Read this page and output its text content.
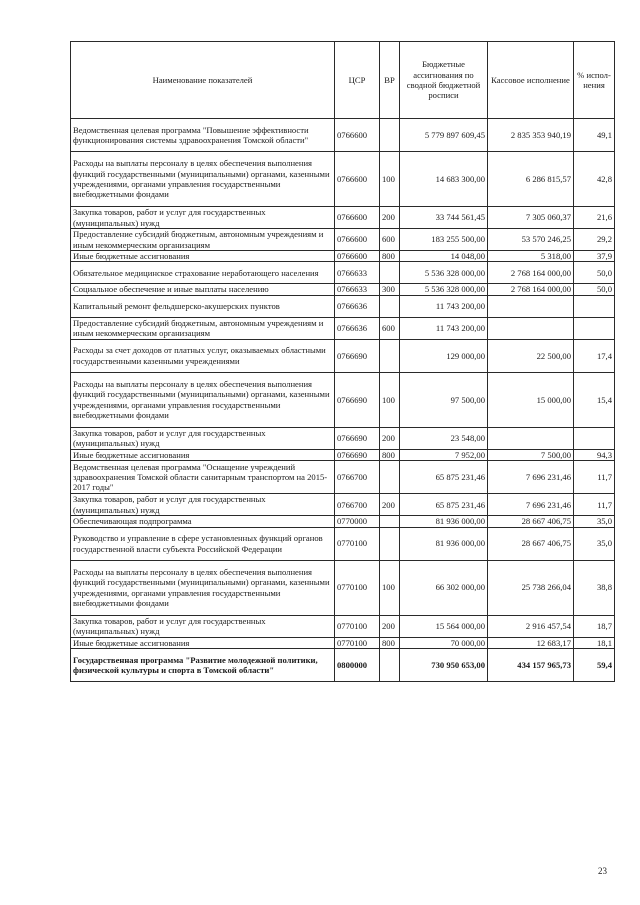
Наименование показателей	ЦСР	ВР	Бюджетные ассигнования по сводной бюджетной росписи	Кассовое исполнение	% испол-нения
Ведомственная целевая программа "Повышение эффективности функционирования системы здравоохранения Томской области"	0766600		5 779 897 609,45	2 835 353 940,19	49,1
Расходы на выплаты персоналу в целях обеспечения выполнения функций государственными (муниципальными) органами, казенными учреждениями, органами управления государственными внебюджетными фондами	0766600	100	14 683 300,00	6 286 815,57	42,8
Закупка товаров, работ и услуг для государственных (муниципальных) нужд	0766600	200	33 744 561,45	7 305 060,37	21,6
Предоставление субсидий бюджетным, автономным учреждениям и иным некоммерческим организациям	0766600	600	183 255 500,00	53 570 246,25	29,2
Иные бюджетные ассигнования	0766600	800	14 048,00	5 318,00	37,9
Обязательное медицинское страхование неработающего населения	0766633		5 536 328 000,00	2 768 164 000,00	50,0
Социальное обеспечение и иные выплаты населению	0766633	300	5 536 328 000,00	2 768 164 000,00	50,0
Капитальный ремонт фельдшерско-акушерских пунктов	0766636		11 743 200,00		
Предоставление субсидий бюджетным, автономным учреждениям и иным некоммерческим организациям	0766636	600	11 743 200,00		
Расходы за счет доходов от платных услуг, оказываемых областными государственными казенными учреждениями	0766690		129 000,00	22 500,00	17,4
Расходы на выплаты персоналу в целях обеспечения выполнения функций государственными (муниципальными) органами, казенными учреждениями, органами управления государственными внебюджетными фондами	0766690	100	97 500,00	15 000,00	15,4
Закупка товаров, работ и услуг для государственных (муниципальных) нужд	0766690	200	23 548,00		
Иные бюджетные ассигнования	0766690	800	7 952,00	7 500,00	94,3
Ведомственная целевая программа "Оснащение учреждений здравоохранения Томской области санитарным транспортом на 2015-2017 годы"	0766700		65 875 231,46	7 696 231,46	11,7
Закупка товаров, работ и услуг для государственных (муниципальных) нужд	0766700	200	65 875 231,46	7 696 231,46	11,7
Обеспечивающая подпрограмма	0770000		81 936 000,00	28 667 406,75	35,0
Руководство и управление в сфере установленных функций органов государственной власти субъекта Российской Федерации	0770100		81 936 000,00	28 667 406,75	35,0
Расходы на выплаты персоналу в целях обеспечения выполнения функций государственными (муниципальными) органами, казенными учреждениями, органами управления государственными внебюджетными фондами	0770100	100	66 302 000,00	25 738 266,04	38,8
Закупка товаров, работ и услуг для государственных (муниципальных) нужд	0770100	200	15 564 000,00	2 916 457,54	18,7
Иные бюджетные ассигнования	0770100	800	70 000,00	12 683,17	18,1
Государственная программа "Развитие молодежной политики, физической культуры и спорта в Томской области"	0800000		730 950 653,00	434 157 965,73	59,4
23
